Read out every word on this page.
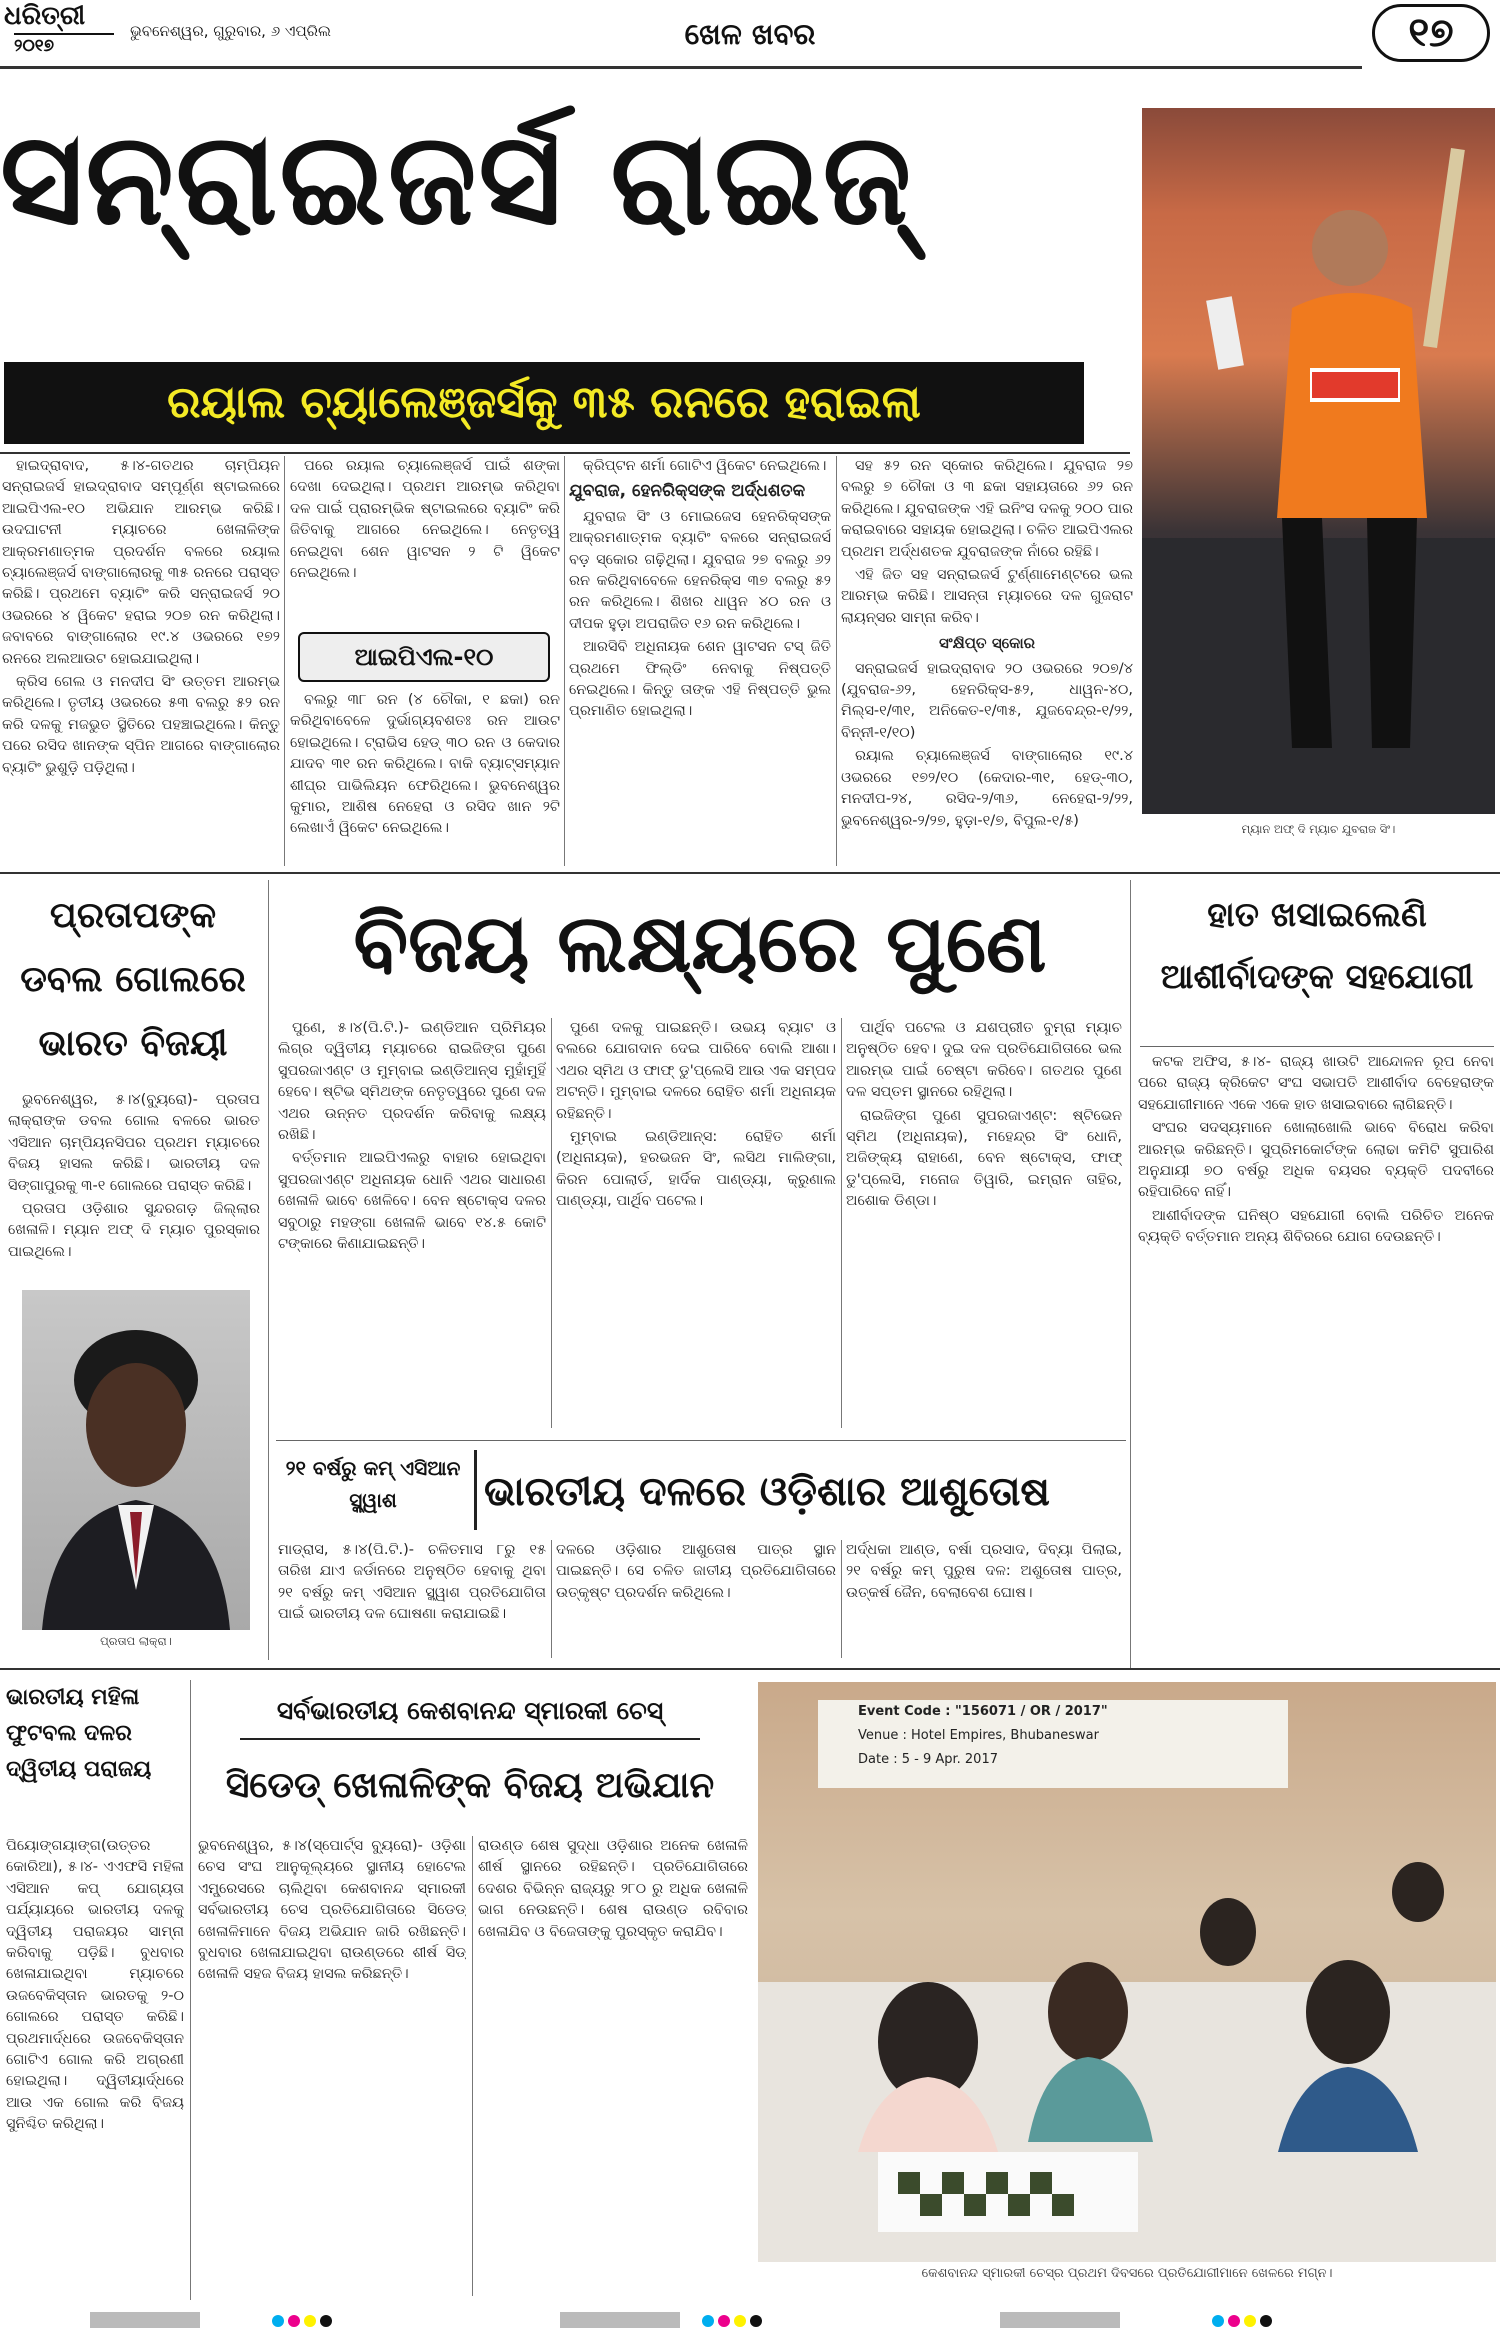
ଧରିତ୍ରୀ
୨୦୧୭
ଭୁବନେଶ୍ୱର, ଗୁରୁବାର, ୬ ଏପ୍ରିଲ	ଖେଳ ଖବର	୧୭
ସନ୍‌ରାଇଜର୍ସ ରାଇଜ୍
ରୟାଲ ଚ୍ୟାଲେଞ୍ଜର୍ସକୁ ୩୫ ରନରେ ହରାଇଲା
ମ୍ୟାନ ଅଫ୍‌ ଦି ମ୍ୟାଚ ଯୁବରାଜ ସିଂ।

ହାଇଦ୍ରାବାଦ, ୫।୪-ଗତଥର ଚାମ୍ପିୟନ ସନ୍‌ରାଇଜର୍ସ ହାଇଦ୍ରାବାଦ ସମ୍ପୂର୍ଣ୍ଣ ଷ୍ଟାଇଲରେ ଆଇପିଏଲ-୧୦ ଅଭିଯାନ ଆରମ୍ଭ କରିଛି। ଉଦଘାଟନୀ ମ୍ୟାଚରେ ଖେଳାଳିଙ୍କ ଆକ୍ରମଣାତ୍ମକ ପ୍ରଦର୍ଶନ ବଳରେ ରୟାଲ ଚ୍ୟାଲେଞ୍ଜର୍ସ ବାଙ୍ଗାଲୋରକୁ ୩୫ ରନରେ ପରାସ୍ତ କରିଛି। ପ୍ରଥମେ ବ୍ୟାଟିଂ କରି ସନ୍‌ରାଇଜର୍ସ ୨୦ ଓଭରରେ ୪ ୱିକେଟ ହରାଇ ୨୦୭ ରନ କରିଥିଲା। ଜବାବରେ ବାଙ୍ଗାଲୋର ୧୯.୪ ଓଭରରେ ୧୭୨ ରନରେ ଅଲଆଉଟ ହୋଇଯାଇଥିଲା।

କ୍ରିସ ଗେଲ ଓ ମନଦୀପ ସିଂ ଉତ୍ତମ ଆରମ୍ଭ କରିଥିଲେ। ତୃତୀୟ ଓଭରରେ ୫୩ ବଲରୁ ୫୨ ରନ କରି ଦଳକୁ ମଜଭୁତ ସ୍ଥିତିରେ ପହଞ୍ଚାଇଥିଲେ। କିନ୍ତୁ ପରେ ରସିଦ ଖାନଙ୍କ ସ୍ପିନ ଆଗରେ ବାଙ୍ଗାଲୋର ବ୍ୟାଟିଂ ଭୁଶୁଡ଼ି ପଡ଼ିଥିଲା।

ପରେ ରୟାଲ ଚ୍ୟାଲେଞ୍ଜର୍ସ ପାଇଁ ଶଙ୍କା ଦେଖା ଦେଇଥିଲା। ପ୍ରଥମ ଆରମ୍ଭ କରିଥିବା ଦଳ ପାଇଁ ପ୍ରାରମ୍ଭିକ ଷ୍ଟାଇଲରେ ବ୍ୟାଟିଂ କରି ଜିତିବାକୁ ଆଗରେ ନେଇଥିଲେ। ନେତୃତ୍ୱ ନେଇଥିବା ଶେନ ୱାଟସନ ୨ ଟି ୱିକେଟ ନେଇଥିଲେ।

ଆଇପିଏଲ-୧୦

ବଲରୁ ୩୮ ରନ (୪ ଚୌକା, ୧ ଛକା) ରନ କରିଥିବାବେଳେ ଦୁର୍ଭାଗ୍ୟବଶତଃ ରନ ଆଉଟ ହୋଇଥିଲେ। ଟ୍ରାଭିସ ହେଡ୍‌ ୩୦ ରନ ଓ କେଦାର ଯାଦବ ୩୧ ରନ କରିଥିଲେ। ବାକି ବ୍ୟାଟ୍ସମ୍ୟାନ ଶୀଘ୍ର ପାଭିଲିୟନ ଫେରିଥିଲେ। ଭୁବନେଶ୍ୱର କୁମାର, ଆଶିଷ ନେହେରା ଓ ରସିଦ ଖାନ ୨ଟି ଲେଖାଏଁ ୱିକେଟ ନେଇଥିଲେ।

କ୍ରିପ୍ଟନ ଶର୍ମା ଗୋଟିଏ ୱିକେଟ ନେଇଥିଲେ।

ଯୁବରାଜ, ହେନରିକ୍ସଙ୍କ ଅର୍ଦ୍ଧଶତକ

ଯୁବରାଜ ସିଂ ଓ ମୋଇଜେସ ହେନରିକ୍ସଙ୍କ ଆକ୍ରମଣାତ୍ମକ ବ୍ୟାଟିଂ ବଳରେ ସନ୍‌ରାଇଜର୍ସ ବଡ଼ ସ୍କୋର ଗଢ଼ିଥିଲା। ଯୁବରାଜ ୨୭ ବଲରୁ ୬୨ ରନ କରିଥିବାବେଳେ ହେନରିକ୍ସ ୩୭ ବଲରୁ ୫୨ ରନ କରିଥିଲେ। ଶିଖର ଧାୱନ ୪୦ ରନ ଓ ଦୀପକ ହୁଡ଼ା ଅପରାଜିତ ୧୬ ରନ କରିଥିଲେ।

ଆରସିବି ଅଧିନାୟକ ଶେନ ୱାଟସନ ଟସ୍ ଜିତି ପ୍ରଥମେ ଫିଲ୍ଡିଂ ନେବାକୁ ନିଷ୍ପତ୍ତି ନେଇଥିଲେ। କିନ୍ତୁ ତାଙ୍କ ଏହି ନିଷ୍ପତ୍ତି ଭୁଲ ପ୍ରମାଣିତ ହୋଇଥିଲା।

ସହ ୫୨ ରନ ସ୍କୋର କରିଥିଲେ। ଯୁବରାଜ ୨୭ ବଲରୁ ୭ ଚୌକା ଓ ୩ ଛକା ସହାୟତାରେ ୬୨ ରନ କରିଥିଲେ। ଯୁବରାଜଙ୍କ ଏହି ଇନିଂସ ଦଳକୁ ୨୦୦ ପାର କରାଇବାରେ ସହାୟକ ହୋଇଥିଲା। ଚଳିତ ଆଇପିଏଲର ପ୍ରଥମ ଅର୍ଦ୍ଧଶତକ ଯୁବରାଜଙ୍କ ନାଁରେ ରହିଛି।

ଏହି ଜିତ ସହ ସନ୍‌ରାଇଜର୍ସ ଟୁର୍ଣ୍ଣାମେଣ୍ଟରେ ଭଲ ଆରମ୍ଭ କରିଛି। ଆସନ୍ତା ମ୍ୟାଚରେ ଦଳ ଗୁଜରାଟ ଲାୟନ୍ସର ସାମ୍ନା କରିବ।

ସଂକ୍ଷିପ୍ତ ସ୍କୋର

ସନ୍‌ରାଇଜର୍ସ ହାଇଦ୍ରାବାଦ ୨୦ ଓଭରରେ ୨୦୭/୪ (ଯୁବରାଜ-୬୨, ହେନରିକ୍ସ-୫୨, ଧାୱନ-୪୦, ମିଲ୍ସ-୧/୩୧, ଅନିକେତ-୧/୩୫, ଯୁଜବେନ୍ଦ୍ର-୧/୨୨, ବିନ୍ନୀ-୧/୧୦)

ରୟାଲ ଚ୍ୟାଲେଞ୍ଜର୍ସ ବାଙ୍ଗାଲୋର ୧୯.୪ ଓଭରରେ ୧୭୨/୧୦ (କେଦାର-୩୧, ହେଡ୍‌-୩୦, ମନଦୀପ-୨୪, ରସିଦ-୨/୩୬, ନେହେରା-୨/୨୨, ଭୁବନେଶ୍ୱର-୨/୨୭, ହୁଡ଼ା-୧/୭, ବିପୁଲ-୧/୫)

ପ୍ରତାପଙ୍କ ଡବଲ ଗୋଲରେ ଭାରତ ବିଜୟୀ

ଭୁବନେଶ୍ୱର, ୫।୪(ବ୍ୟୁରୋ)- ପ୍ରତାପ ଲାକ୍ରାଙ୍କ ଡବଲ ଗୋଲ ବଳରେ ଭାରତ ଏସିଆନ ଚାମ୍ପିୟନସିପର ପ୍ରଥମ ମ୍ୟାଚରେ ବିଜୟ ହାସଲ କରିଛି। ଭାରତୀୟ ଦଳ ସିଙ୍ଗାପୁରକୁ ୩-୧ ଗୋଲରେ ପରାସ୍ତ କରିଛି।

ପ୍ରତାପ ଓଡ଼ିଶାର ସୁନ୍ଦରଗଡ଼ ଜିଲ୍ଲାର ଖେଳାଳି। ମ୍ୟାନ ଅଫ୍‌ ଦି ମ୍ୟାଚ ପୁରସ୍କାର ପାଇଥିଲେ।

ପ୍ରତାପ ଲାକ୍ରା।
ବିଜୟ ଲକ୍ଷ୍ୟରେ ପୁଣେ

ପୁଣେ, ୫।୪(ପି.ଟି.)- ଇଣ୍ଡିଆନ ପ୍ରିମିୟର ଲିଗ୍‌ର ଦ୍ୱିତୀୟ ମ୍ୟାଚରେ ରାଇଜିଙ୍ଗ ପୁଣେ ସୁପରଜାଏଣ୍ଟ ଓ ମୁମ୍ବାଇ ଇଣ୍ଡିଆନ୍ସ ମୁହାଁମୁହିଁ ହେବେ। ଷ୍ଟିଭ ସ୍ମିଥଙ୍କ ନେତୃତ୍ୱରେ ପୁଣେ ଦଳ ଏଥର ଉନ୍ନତ ପ୍ରଦର୍ଶନ କରିବାକୁ ଲକ୍ଷ୍ୟ ରଖିଛି।

ବର୍ତ୍ତମାନ ଆଇପିଏଲରୁ ବାହାର ହୋଇଥିବା ସୁପରଜାଏଣ୍ଟ ଅଧିନାୟକ ଧୋନି ଏଥର ସାଧାରଣ ଖେଳାଳି ଭାବେ ଖେଳିବେ। ବେନ ଷ୍ଟୋକ୍ସ ଦଳର ସବୁଠାରୁ ମହଙ୍ଗା ଖେଳାଳି ଭାବେ ୧୪.୫ କୋଟି ଟଙ୍କାରେ କିଣାଯାଇଛନ୍ତି।

ପୁଣେ ଦଳକୁ ପାଇଛନ୍ତି। ଉଭୟ ବ୍ୟାଟ ଓ ବଲରେ ଯୋଗଦାନ ଦେଇ ପାରିବେ ବୋଲି ଆଶା। ଏଥର ସ୍ମିଥ ଓ ଫାଫ୍ ଡୁ'ପ୍ଲେସି ଆଉ ଏକ ସମ୍ପଦ ଅଟନ୍ତି। ମୁମ୍ବାଇ ଦଳରେ ରୋହିତ ଶର୍ମା ଅଧିନାୟକ ରହିଛନ୍ତି।

ମୁମ୍ବାଇ ଇଣ୍ଡିଆନ୍ସ: ରୋହିତ ଶର୍ମା (ଅଧିନାୟକ), ହରଭଜନ ସିଂ, ଲସିଥ ମାଲିଙ୍ଗା, କିରନ ପୋଲାର୍ଡ, ହାର୍ଦିକ ପାଣ୍ଡ୍ୟା, କ୍ରୁଣାଲ ପାଣ୍ଡ୍ୟା, ପାର୍ଥିବ ପଟେଲ।

ପାର୍ଥିବ ପଟେଲ ଓ ଯଶପ୍ରୀତ ବୁମ୍ରା ମ୍ୟାଚ ଅନୁଷ୍ଠିତ ହେବ। ଦୁଇ ଦଳ ପ୍ରତିଯୋଗିତାରେ ଭଲ ଆରମ୍ଭ ପାଇଁ ଚେଷ୍ଟା କରିବେ। ଗତଥର ପୁଣେ ଦଳ ସପ୍ତମ ସ୍ଥାନରେ ରହିଥିଲା।

ରାଇଜିଙ୍ଗ ପୁଣେ ସୁପରଜାଏଣ୍ଟ: ଷ୍ଟିଭେନ ସ୍ମିଥ (ଅଧିନାୟକ), ମହେନ୍ଦ୍ର ସିଂ ଧୋନି, ଅଜିଙ୍କ୍ୟ ରାହାଣେ, ବେନ ଷ୍ଟୋକ୍ସ, ଫାଫ୍ ଡୁ'ପ୍ଲେସି, ମନୋଜ ତିୱାରି, ଇମ୍ରାନ ତାହିର, ଅଶୋକ ଡିଣ୍ଡା।

୨୧ ବର୍ଷରୁ କମ୍ ଏସିଆନ ସ୍କ୍ୱାଶ	ଭାରତୀୟ ଦଳରେ ଓଡ଼ିଶାର ଆଶୁତୋଷ
ମାଡ୍ରାସ, ୫।୪(ପି.ଟି.)- ଚଳିତମାସ ୮ରୁ ୧୫ ତାରିଖ ଯାଏ ଜର୍ଡାନରେ ଅନୁଷ୍ଠିତ ହେବାକୁ ଥିବା ୨୧ ବର୍ଷରୁ କମ୍ ଏସିଆନ ସ୍କ୍ୱାଶ ପ୍ରତିଯୋଗିତା ପାଇଁ ଭାରତୀୟ ଦଳ ଘୋଷଣା କରାଯାଇଛି।
ଦଳରେ ଓଡ଼ିଶାର ଆଶୁତୋଷ ପାତ୍ର ସ୍ଥାନ ପାଇଛନ୍ତି। ସେ ଚଳିତ ଜାତୀୟ ପ୍ରତିଯୋଗିତାରେ ଉତ୍କୃଷ୍ଟ ପ୍ରଦର୍ଶନ କରିଥିଲେ।
ଅର୍ଦ୍ଧକା ଆଣ୍ଡ, ବର୍ଷା ପ୍ରସାଦ, ଦିବ୍ୟା ପିଲାଇ, ୨୧ ବର୍ଷରୁ କମ୍ ପୁରୁଷ ଦଳ: ଅଶୁତୋଷ ପାତ୍ର, ଉତ୍କର୍ଷ ଜୈନ, ବେଲାବେଶ ଘୋଷ।
ହାତ ଖସାଇଲେଣି ଆଶୀର୍ବାଦଙ୍କ ସହଯୋଗୀ

କଟକ ଅଫିସ, ୫।୪- ରାଜ୍ୟ ଖାଉଟି ଆନ୍ଦୋଳନ ରୂପ ନେବା ପରେ ରାଜ୍ୟ କ୍ରିକେଟ ସଂଘ ସଭାପତି ଆଶୀର୍ବାଦ ବେହେରାଙ୍କ ସହଯୋଗୀମାନେ ଏକେ ଏକେ ହାତ ଖସାଇବାରେ ଲାଗିଛନ୍ତି।

ସଂଘର ସଦସ୍ୟମାନେ ଖୋଲାଖୋଲି ଭାବେ ବିରୋଧ କରିବା ଆରମ୍ଭ କରିଛନ୍ତି। ସୁପ୍ରିମକୋର୍ଟଙ୍କ ଲୋଢା କମିଟି ସୁପାରିଶ ଅନୁଯାୟୀ ୭୦ ବର୍ଷରୁ ଅଧିକ ବୟସର ବ୍ୟକ୍ତି ପଦବୀରେ ରହିପାରିବେ ନାହିଁ।

ଆଶୀର୍ବାଦଙ୍କ ଘନିଷ୍ଠ ସହଯୋଗୀ ବୋଲି ପରିଚିତ ଅନେକ ବ୍ୟକ୍ତି ବର୍ତ୍ତମାନ ଅନ୍ୟ ଶିବିରରେ ଯୋଗ ଦେଉଛନ୍ତି।

ଭାରତୀୟ ମହିଳା ଫୁଟବଲ ଦଳର ଦ୍ୱିତୀୟ ପରାଜୟ
ପିୟୋଙ୍ଗୟାଙ୍ଗ(ଉତ୍ତର କୋରିଆ), ୫।୪- ଏଏଫସି ମହିଳା ଏସିଆନ କପ୍ ଯୋଗ୍ୟତା ପର୍ଯ୍ୟାୟରେ ଭାରତୀୟ ଦଳକୁ ଦ୍ୱିତୀୟ ପରାଜୟର ସାମ୍ନା କରିବାକୁ ପଡ଼ିଛି। ବୁଧବାର ଖେଳାଯାଇଥିବା ମ୍ୟାଚରେ ଉଜବେକିସ୍ତାନ ଭାରତକୁ ୨-୦ ଗୋଲରେ ପରାସ୍ତ କରିଛି। ପ୍ରଥମାର୍ଦ୍ଧରେ ଉଜବେକିସ୍ତାନ ଗୋଟିଏ ଗୋଲ କରି ଅଗ୍ରଣୀ ହୋଇଥିଲା। ଦ୍ୱିତୀୟାର୍ଦ୍ଧରେ ଆଉ ଏକ ଗୋଲ କରି ବିଜୟ ସୁନିଶ୍ଚିତ କରିଥିଲା।
ସର୍ବଭାରତୀୟ କେଶବାନନ୍ଦ ସ୍ମାରକୀ ଚେସ୍
ସିଡେଡ୍ ଖେଳାଳିଙ୍କ ବିଜୟ ଅଭିଯାନ
ଭୁବନେଶ୍ୱର, ୫।୪(ସ୍ପୋର୍ଟ୍ସ ବ୍ୟୁରୋ)- ଓଡ଼ିଶା ଚେସ ସଂଘ ଆନୁକୂଲ୍ୟରେ ସ୍ଥାନୀୟ ହୋଟେଲ ଏମ୍ପ୍ରେସରେ ଚାଲିଥିବା କେଶବାନନ୍ଦ ସ୍ମାରକୀ ସର୍ବଭାରତୀୟ ଚେସ ପ୍ରତିଯୋଗିତାରେ ସିଡେଡ୍ ଖେଳାଳିମାନେ ବିଜୟ ଅଭିଯାନ ଜାରି ରଖିଛନ୍ତି। ବୁଧବାର ଖେଳାଯାଇଥିବା ରାଉଣ୍ଡରେ ଶୀର୍ଷ ସିଡ୍ ଖେଳାଳି ସହଜ ବିଜୟ ହାସଲ କରିଛନ୍ତି।
ରାଉଣ୍ଡ ଶେଷ ସୁଦ୍ଧା ଓଡ଼ିଶାର ଅନେକ ଖେଳାଳି ଶୀର୍ଷ ସ୍ଥାନରେ ରହିଛନ୍ତି। ପ୍ରତିଯୋଗିତାରେ ଦେଶର ବିଭିନ୍ନ ରାଜ୍ୟରୁ ୨୮୦ ରୁ ଅଧିକ ଖେଳାଳି ଭାଗ ନେଉଛନ୍ତି। ଶେଷ ରାଉଣ୍ଡ ରବିବାର ଖେଳାଯିବ ଓ ବିଜେତାଙ୍କୁ ପୁରସ୍କୃତ କରାଯିବ।
Event Code : "156071 / OR / 2017"
Venue : Hotel Empires, Bhubaneswar
Date : 5 - 9 Apr. 2017
କେଶବାନନ୍ଦ ସ୍ମାରକୀ ଚେସ୍‌ର ପ୍ରଥମ ଦିବସରେ ପ୍ରତିଯୋଗୀମାନେ ଖେଳରେ ମଗ୍ନ।
